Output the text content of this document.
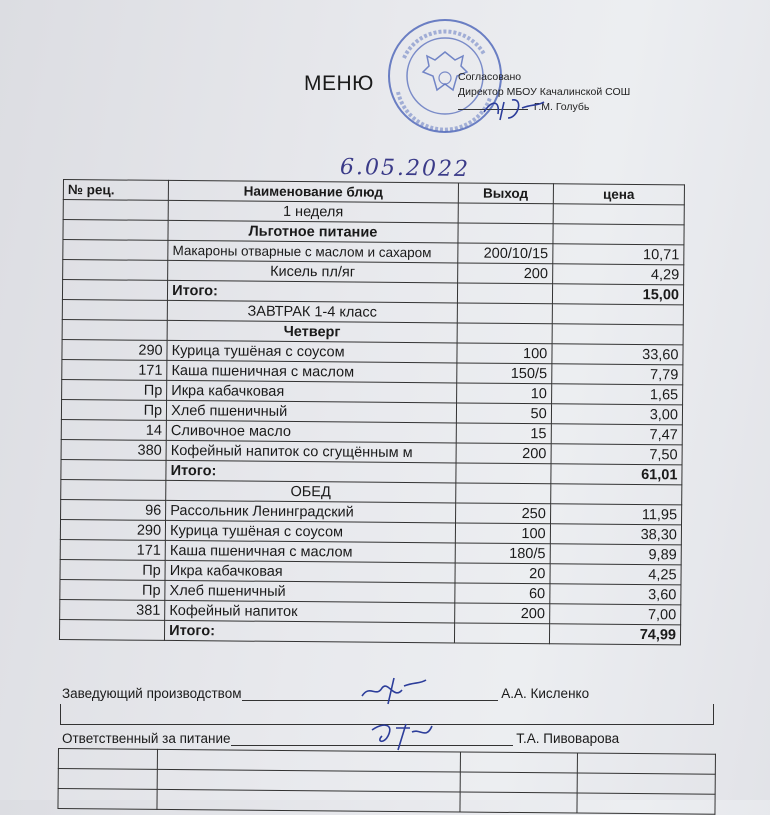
МЕНЮ	Согласовано
Директор МБОУ Качалинской СОШ
Г.М. Голубь
6.05.2022
№ рец.	Наименование блюд	Выход	цена
	1 неделя		
	Льготное питание		
	Макароны отварные с маслом и сахаром	200/10/15	10,71
	Кисель пл/яг	200	4,29
	Итого:		15,00
	ЗАВТРАК 1-4 класс		
	Четверг		
290	Курица тушёная с соусом	100	33,60
171	Каша пшеничная с маслом	150/5	7,79
Пр	Икра кабачковая	10	1,65
Пр	Хлеб пшеничный	50	3,00
14	Сливочное масло	15	7,47
380	Кофейный напиток со сгущённым м	200	7,50
	Итого:		61,01
	ОБЕД		
96	Рассольник Ленинградский	250	11,95
290	Курица тушёная с соусом	100	38,30
171	Каша пшеничная с маслом	180/5	9,89
Пр	Икра кабачковая	20	4,25
Пр	Хлеб пшеничный	60	3,60
381	Кофейный напиток	200	7,00
	Итого:		74,99
Заведующий производством	А.А. Кисленко
Ответственный за питание	Т.А. Пивоварова
